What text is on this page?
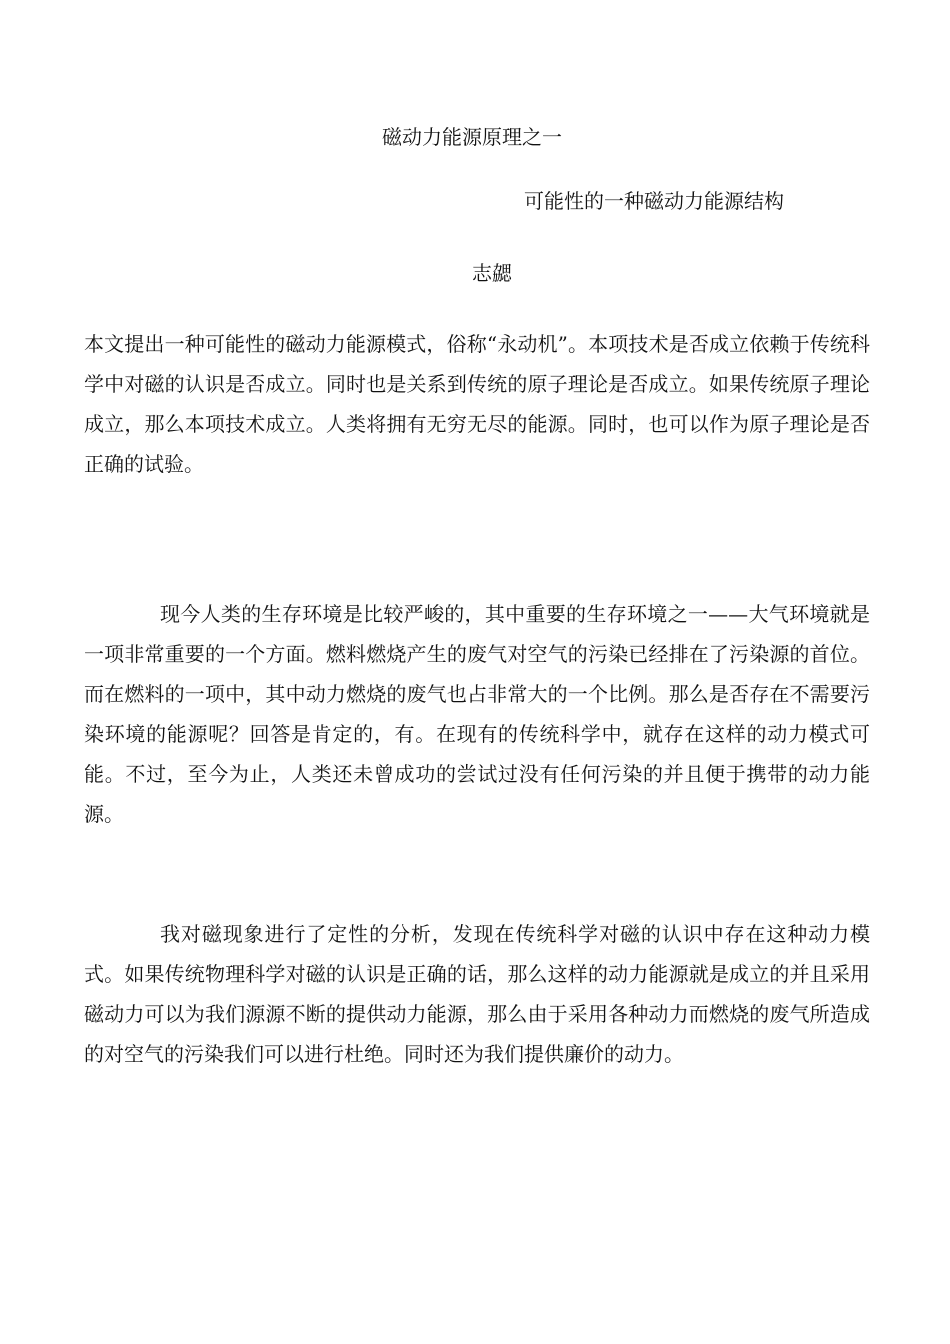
磁动力能源原理之一
可能性的一种磁动力能源结构
志勰

本文提出一种可能性的磁动力能源模式，俗称“永动机”。本项技术是否成立依赖于传统科学中对磁的认识是否成立。同时也是关系到传统的原子理论是否成立。如果传统原子理论成立，那么本项技术成立。人类将拥有无穷无尽的能源。同时，也可以作为原子理论是否正确的试验。

现今人类的生存环境是比较严峻的，其中重要的生存环境之一——大气环境就是一项非常重要的一个方面。燃料燃烧产生的废气对空气的污染已经排在了污染源的首位。而在燃料的一项中，其中动力燃烧的废气也占非常大的一个比例。那么是否存在不需要污染环境的能源呢？回答是肯定的，有。在现有的传统科学中，就存在这样的动力模式可能。不过，至今为止，人类还未曾成功的尝试过没有任何污染的并且便于携带的动力能源。

我对磁现象进行了定性的分析，发现在传统科学对磁的认识中存在这种动力模式。如果传统物理科学对磁的认识是正确的话，那么这样的动力能源就是成立的并且采用磁动力可以为我们源源不断的提供动力能源，那么由于采用各种动力而燃烧的废气所造成的对空气的污染我们可以进行杜绝。同时还为我们提供廉价的动力。
